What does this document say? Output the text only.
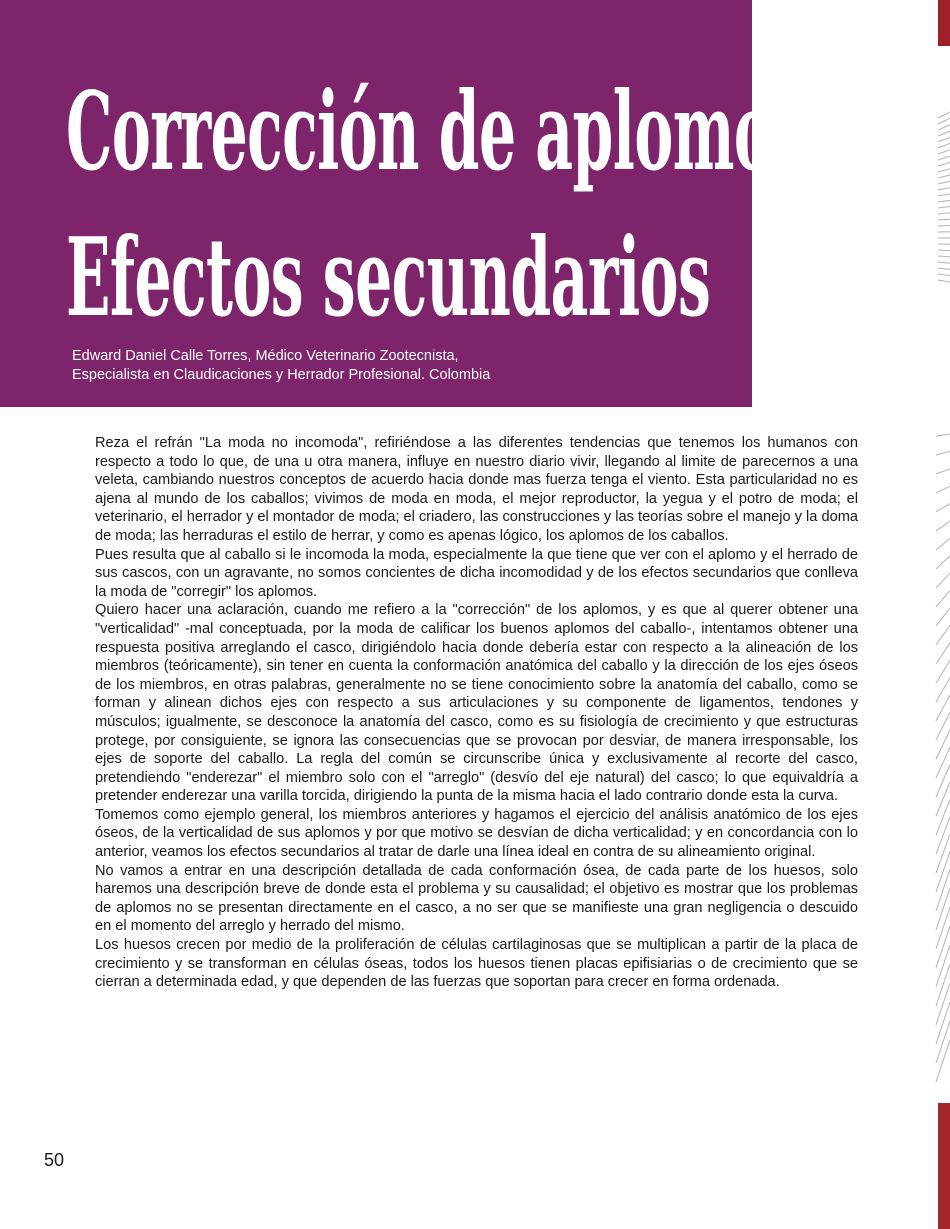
Corrección de aplomos.
Efectos secundarios
Edward Daniel Calle Torres, Médico Veterinario Zootecnista,
Especialista en Claudicaciones y Herrador Profesional. Colombia

Reza el refrán "La moda no incomoda", refiriéndose a las diferentes tendencias que tenemos los humanos con respecto a todo lo que, de una u otra manera, influye en nuestro diario vivir, llegando al limite de parecernos a una veleta, cambiando nuestros conceptos de acuerdo hacia donde mas fuerza tenga el viento. Esta particularidad no es ajena al mundo de los caballos; vivimos de moda en moda, el mejor reproductor, la yegua y el potro de moda; el veterinario, el herrador y el montador de moda; el criadero, las construcciones y las teorías sobre el manejo y la doma de moda; las herraduras el estilo de herrar, y como es apenas lógico, los aplomos de los caballos.

Pues resulta que al caballo si le incomoda la moda, especialmente la que tiene que ver con el aplomo y el herrado de sus cascos, con un agravante, no somos concientes de dicha incomodidad y de los efectos secundarios que conlleva la moda de "corregir" los aplomos.

Quiero hacer una aclaración, cuando me refiero a la "corrección" de los aplomos, y es que al querer obtener una "verticalidad" -mal conceptuada, por la moda de calificar los buenos aplomos del caballo-, intentamos obtener una respuesta positiva arreglando el casco, dirigiéndolo hacia donde debería estar con respecto a la alineación de los miembros (teóricamente), sin tener en cuenta la conformación anatómica del caballo y la dirección de los ejes óseos de los miembros, en otras palabras, generalmente no se tiene conocimiento sobre la anatomía del caballo, como se forman y alinean dichos ejes con respecto a sus articulaciones y su componente de ligamentos, tendones y músculos; igualmente, se desconoce la anatomía del casco, como es su fisiología de crecimiento y que estructuras protege, por consiguiente, se ignora las consecuencias que se provocan por desviar, de manera irresponsable, los ejes de soporte del caballo. La regla del común se circunscribe única y exclusivamente al recorte del casco, pretendiendo "enderezar" el miembro solo con el "arreglo" (desvío del eje natural) del casco; lo que equivaldría a pretender enderezar una varilla torcida, dirigiendo la punta de la misma hacia el lado contrario donde esta la curva.

Tomemos como ejemplo general, los miembros anteriores y hagamos el ejercicio del análisis anatómico de los ejes óseos, de la verticalidad de sus aplomos y por que motivo se desvían de dicha verticalidad; y en concordancia con lo anterior, veamos los efectos secundarios al tratar de darle una línea ideal en contra de su alineamiento original.

No vamos a entrar en una descripción detallada de cada conformación ósea, de cada parte de los huesos, solo haremos una descripción breve de donde esta el problema y su causalidad; el objetivo es mostrar que los problemas de aplomos no se presentan directamente en el casco, a no ser que se manifieste una gran negligencia o descuido en el momento del arreglo y herrado del mismo.

Los huesos crecen por medio de la proliferación de células cartilaginosas que se multiplican a partir de la placa de crecimiento y se transforman en células óseas, todos los huesos tienen placas epifisiarias o de crecimiento que se cierran a determinada edad, y que dependen de las fuerzas que soportan para crecer en forma ordenada.

50
